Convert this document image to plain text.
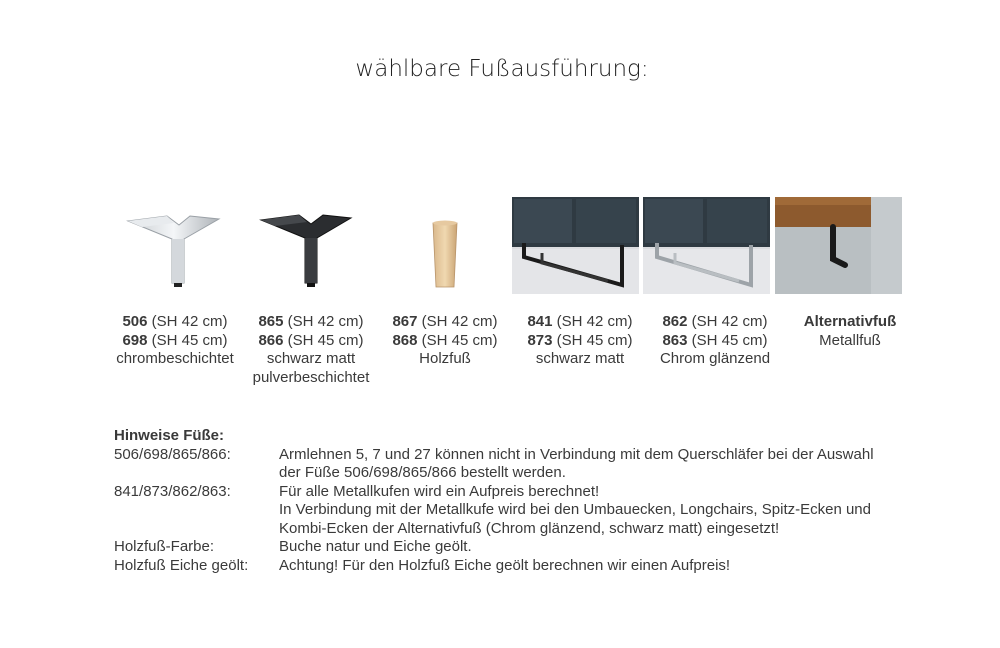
wählbare Fußausführung:
506 (SH 42 cm)
698 (SH 45 cm)
chrombeschichtet
865 (SH 42 cm)
866 (SH 45 cm)
schwarz matt
pulverbeschichtet
867 (SH 42 cm)
868 (SH 45 cm)
Holzfuß
841 (SH 42 cm)
873 (SH 45 cm)
schwarz matt
862 (SH 42 cm)
863 (SH 45 cm)
Chrom glänzend
Alternativfuß
Metallfuß
Hinweise Füße:
506/698/865/866:	Armlehnen 5, 7 und 27 können nicht in Verbindung mit dem Querschläfer bei der Auswahl
der Füße 506/698/865/866 bestellt werden.
841/873/862/863:	Für alle Metallkufen wird ein Aufpreis berechnet!
In Verbindung mit der Metallkufe wird bei den Umbauecken, Longchairs, Spitz-Ecken und
Kombi-Ecken der Alternativfuß (Chrom glänzend, schwarz matt) eingesetzt!
Holzfuß-Farbe:	Buche natur und Eiche geölt.
Holzfuß Eiche geölt:	Achtung! Für den Holzfuß Eiche geölt berechnen wir einen Aufpreis!
